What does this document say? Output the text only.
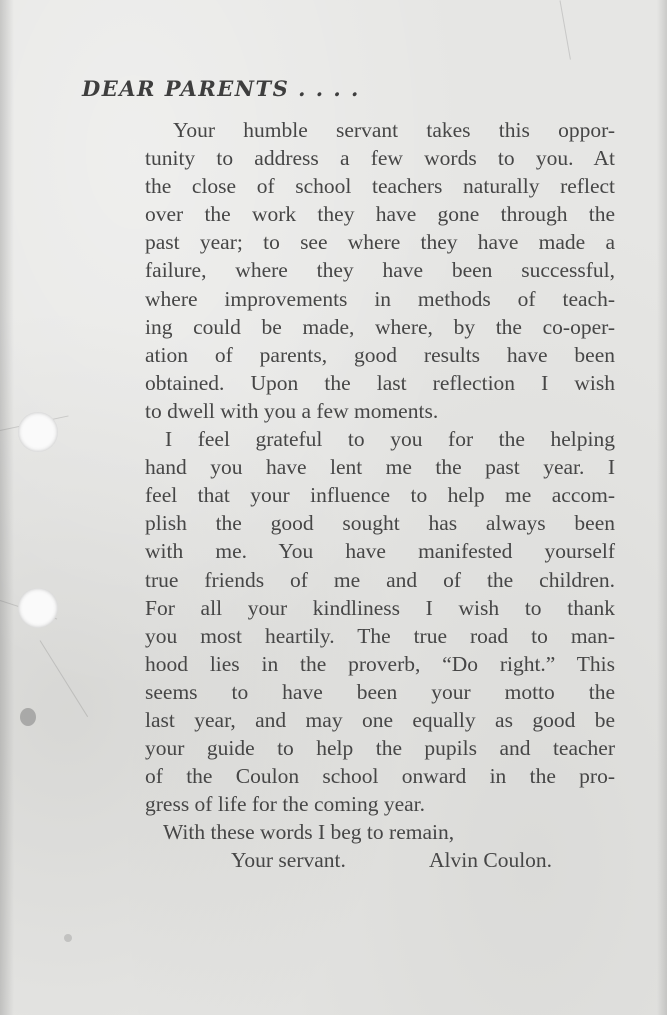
DEAR PARENTS . . . .
Your humble servant takes this oppor-
tunity to address a few words to you. At
the close of school teachers naturally reflect
over the work they have gone through the
past year; to see where they have made a
failure, where they have been successful,
where improvements in methods of teach-
ing could be made, where, by the co-oper-
ation of parents, good results have been
obtained. Upon the last reflection I wish
to dwell with you a few moments.
I feel grateful to you for the helping
hand you have lent me the past year. I
feel that your influence to help me accom-
plish the good sought has always been
with me. You have manifested yourself
true friends of me and of the children.
For all your kindliness I wish to thank
you most heartily. The true road to man-
hood lies in the proverb, “Do right.” This
seems to have been your motto the
last year, and may one equally as good be
your guide to help the pupils and teacher
of the Coulon school onward in the pro-
gress of life for the coming year.
With these words I beg to remain,
Your servant.	Alvin Coulon.
